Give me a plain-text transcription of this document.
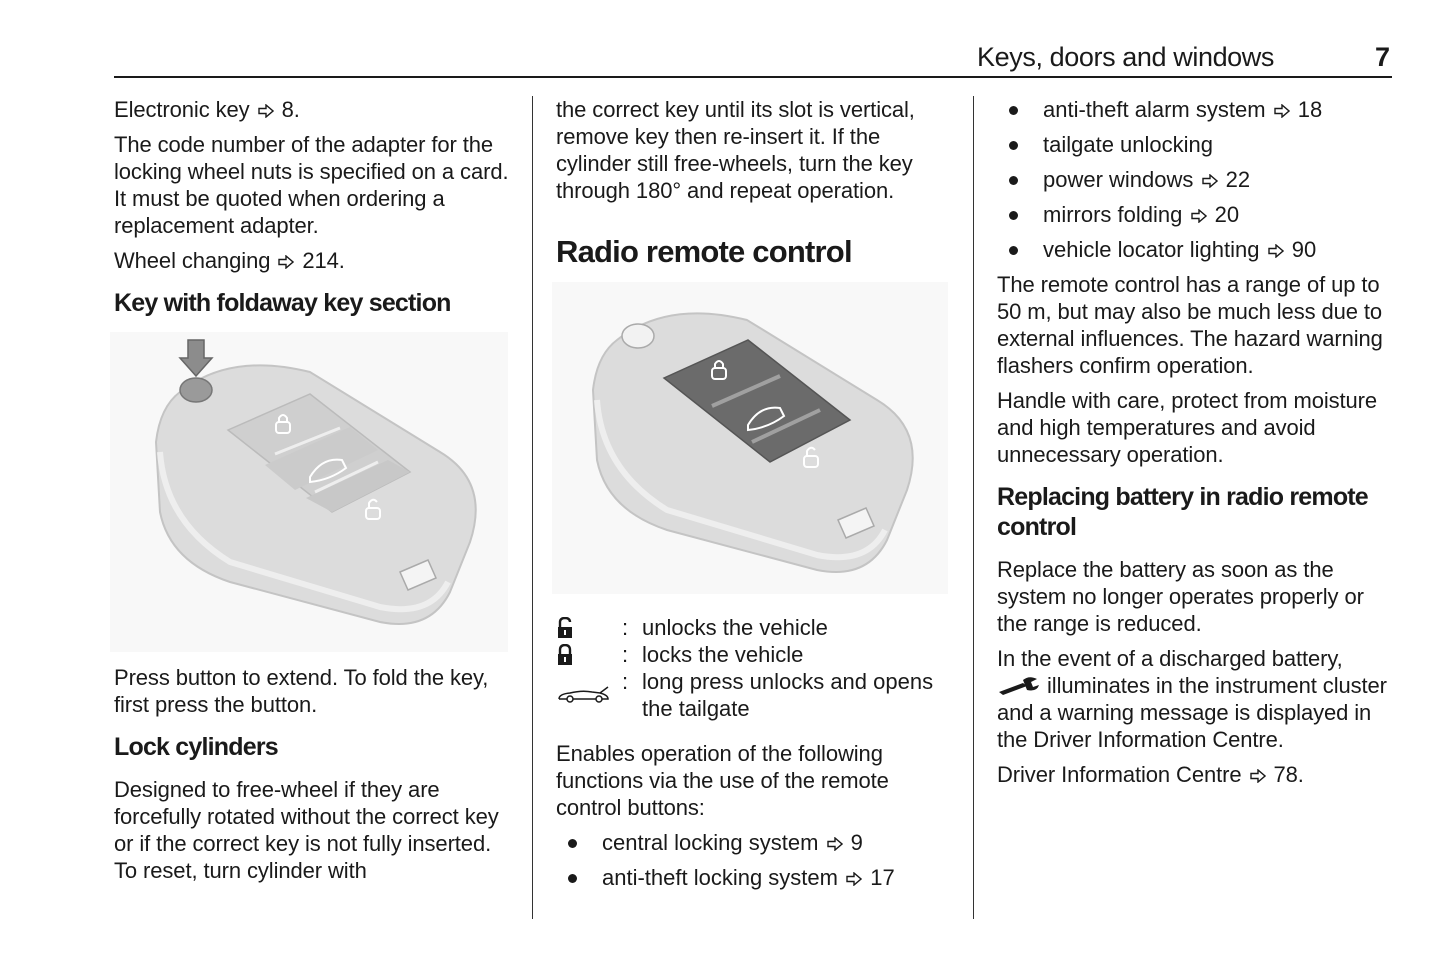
Keys, doors and windows	7

Electronic key 8.

The code number of the adapter for the locking wheel nuts is specified on a card. It must be quoted when ordering a replacement adapter.

Wheel changing 214.

Key with foldaway key section

Press button to extend. To fold the key, first press the button.

Lock cylinders

Designed to free-wheel if they are forcefully rotated without the correct key or if the correct key is not fully inserted. To reset, turn cylinder with

the correct key until its slot is vertical, remove key then re-insert it. If the cylinder still free-wheels, turn the key through 180° and repeat operation.

Radio remote control
: unlocks the vehicle
: locks the vehicle
: long press unlocks and opens the tailgate

Enables operation of the following functions via the use of the remote control buttons:

central locking system 9
anti-theft locking system 17
anti-theft alarm system 18
tailgate unlocking
power windows 22
mirrors folding 20
vehicle locator lighting 90

The remote control has a range of up to 50 m, but may also be much less due to external influences. The hazard warning flashers confirm operation.

Handle with care, protect from moisture and high temperatures and avoid unnecessary operation.

Replacing battery in radio remote control

Replace the battery as soon as the system no longer operates properly or the range is reduced.

In the event of a discharged battery,
illuminates in the instrument cluster and a warning message is displayed in the Driver Information Centre.

Driver Information Centre 78.
